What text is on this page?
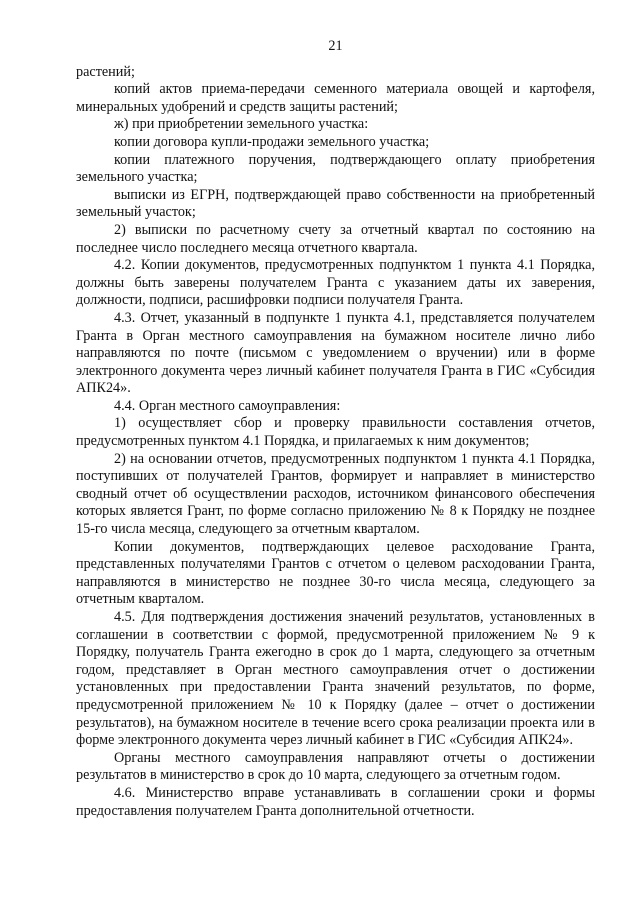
21

растений;

копий актов приема-передачи семенного материала овощей и картофеля, минеральных удобрений и средств защиты растений;

ж) при приобретении земельного участка:

копии договора купли-продажи земельного участка;

копии платежного поручения, подтверждающего оплату приобретения земельного участка;

выписки из ЕГРН, подтверждающей право собственности на приобретенный земельный участок;

2) выписки по расчетному счету за отчетный квартал по состоянию на последнее число последнего месяца отчетного квартала.

4.2. Копии документов, предусмотренных подпунктом 1 пункта 4.1 Порядка, должны быть заверены получателем Гранта с указанием даты их заверения, должности, подписи, расшифровки подписи получателя Гранта.

4.3. Отчет, указанный в подпункте 1 пункта 4.1, представляется получателем Гранта в Орган местного самоуправления на бумажном носителе лично либо направляются по почте (письмом с уведомлением о вручении) или в форме электронного документа через личный кабинет получателя Гранта в ГИС «Субсидия АПК24».

4.4. Орган местного самоуправления:

1) осуществляет сбор и проверку правильности составления отчетов, предусмотренных пунктом 4.1 Порядка, и прилагаемых к ним документов;

2) на основании отчетов, предусмотренных подпунктом 1 пункта 4.1 Порядка, поступивших от получателей Грантов, формирует и направляет в министерство сводный отчет об осуществлении расходов, источником финансового обеспечения которых является Грант, по форме согласно приложению № 8 к Порядку не позднее 15-го числа месяца, следующего за отчетным кварталом.

Копии документов, подтверждающих целевое расходование Гранта, представленных получателями Грантов с отчетом о целевом расходовании Гранта, направляются в министерство не позднее 30-го числа месяца, следующего за отчетным кварталом.

4.5. Для подтверждения достижения значений результатов, установленных в соглашении в соответствии с формой, предусмотренной приложением № 9 к Порядку, получатель Гранта ежегодно в срок до 1 марта, следующего за отчетным годом, представляет в Орган местного самоуправления отчет о достижении установленных при предоставлении Гранта значений результатов, по форме, предусмотренной приложением № 10 к Порядку (далее – отчет о достижении результатов), на бумажном носителе в течение всего срока реализации проекта или в форме электронного документа через личный кабинет в ГИС «Субсидия АПК24».

Органы местного самоуправления направляют отчеты о достижении результатов в министерство в срок до 10 марта, следующего за отчетным годом.

4.6. Министерство вправе устанавливать в соглашении сроки и формы предоставления получателем Гранта дополнительной отчетности.
